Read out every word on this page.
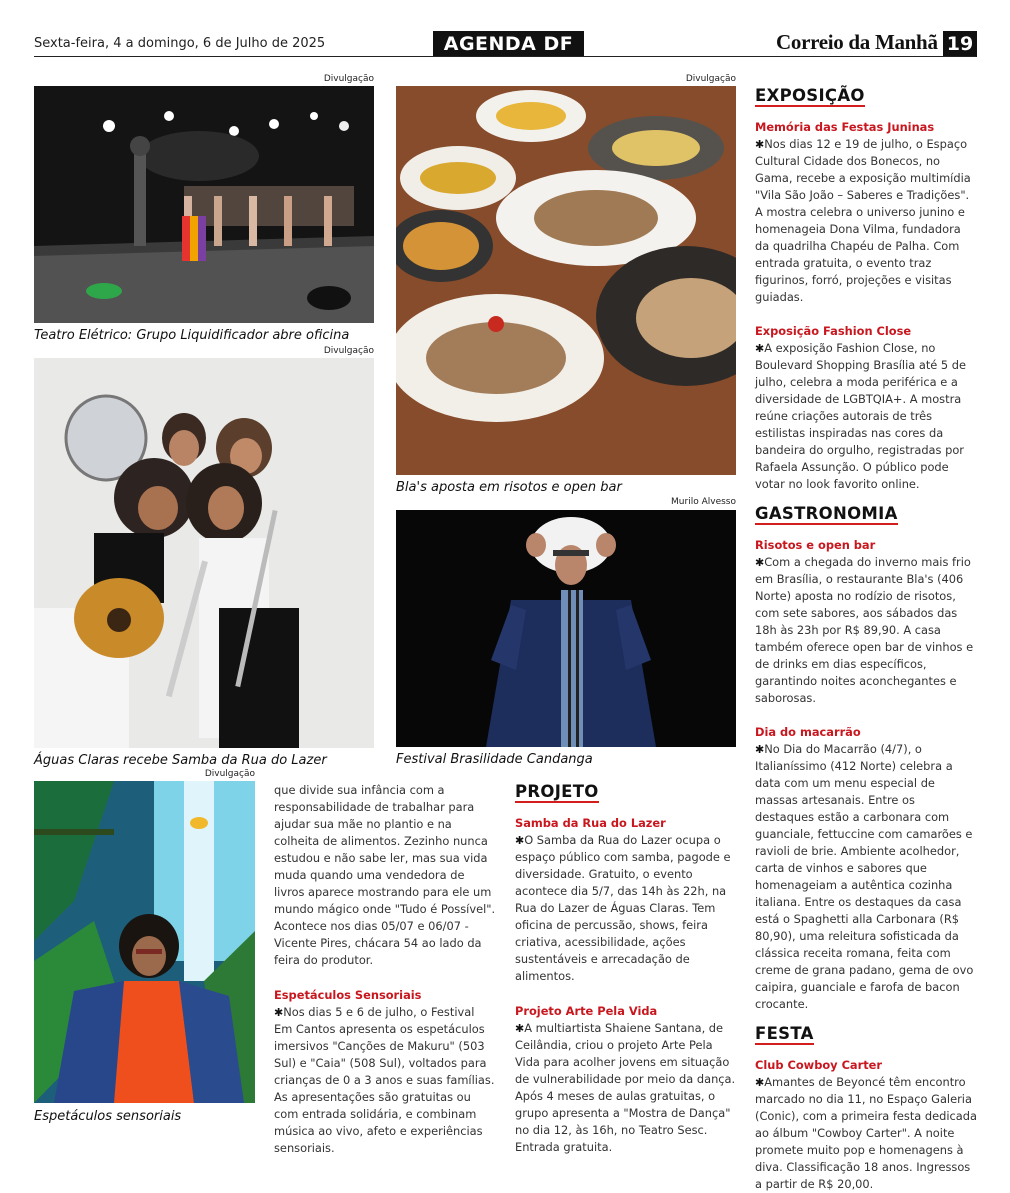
Sexta-feira, 4 a domingo, 6 de Julho de 2025	AGENDA DF	Correio da Manhã 19
Divulgação
Teatro Elétrico: Grupo Liquidificador abre oficina
Divulgação
Águas Claras recebe Samba da Rua do Lazer
Divulgação
Bla's aposta em risotos e open bar
Murilo Alvesso
Festival Brasilidade Candanga
Divulgação
Espetáculos sensoriais

que divide sua infância com a responsabilidade de trabalhar para ajudar sua mãe no plantio e na colheita de alimentos. Zezinho nunca estudou e não sabe ler, mas sua vida muda quando uma vendedora de livros aparece mostrando para ele um mundo mágico onde "Tudo é Possível". Acontece nos dias 05/07 e 06/07 - Vicente Pires, chácara 54 ao lado da feira do produtor.

Espetáculos Sensoriais

✱Nos dias 5 e 6 de julho, o Festival Em Cantos apresenta os espetáculos imersivos "Canções de Makuru" (503 Sul) e "Caia" (508 Sul), voltados para crianças de 0 a 3 anos e suas famílias. As apresentações são gratuitas ou com entrada solidária, e combinam música ao vivo, afeto e experiências sensoriais.

PROJETO

Samba da Rua do Lazer

✱O Samba da Rua do Lazer ocupa o espaço público com samba, pagode e diversidade. Gratuito, o evento acontece dia 5/7, das 14h às 22h, na Rua do Lazer de Águas Claras. Tem oficina de percussão, shows, feira criativa, acessibilidade, ações sustentáveis e arrecadação de alimentos.

Projeto Arte Pela Vida

✱A multiartista Shaiene Santana, de Ceilândia, criou o projeto Arte Pela Vida para acolher jovens em situação de vulnerabilidade por meio da dança. Após 4 meses de aulas gratuitas, o grupo apresenta a "Mostra de Dança" no dia 12, às 16h, no Teatro Sesc. Entrada gratuita.

EXPOSIÇÃO

Memória das Festas Juninas

✱Nos dias 12 e 19 de julho, o Espaço Cultural Cidade dos Bonecos, no Gama, recebe a exposição multimídia "Vila São João – Saberes e Tradições". A mostra celebra o universo junino e homenageia Dona Vilma, fundadora da quadrilha Chapéu de Palha. Com entrada gratuita, o evento traz figurinos, forró, projeções e visitas guiadas.

Exposição Fashion Close

✱A exposição Fashion Close, no Boulevard Shopping Brasília até 5 de julho, celebra a moda periférica e a diversidade de LGBTQIA+. A mostra reúne criações autorais de três estilistas inspiradas nas cores da bandeira do orgulho, registradas por Rafaela Assunção. O público pode votar no look favorito online.

GASTRONOMIA

Risotos e open bar

✱Com a chegada do inverno mais frio em Brasília, o restaurante Bla's (406 Norte) aposta no rodízio de risotos, com sete sabores, aos sábados das 18h às 23h por R$ 89,90. A casa também oferece open bar de vinhos e de drinks em dias específicos, garantindo noites aconchegantes e saborosas.

Dia do macarrão

✱No Dia do Macarrão (4/7), o Italianíssimo (412 Norte) celebra a data com um menu especial de massas artesanais. Entre os destaques estão a carbonara com guanciale, fettuccine com camarões e ravioli de brie. Ambiente acolhedor, carta de vinhos e sabores que homenageiam a autêntica cozinha italiana. Entre os destaques da casa está o Spaghetti alla Carbonara (R$ 80,90), uma releitura sofisticada da clássica receita romana, feita com creme de grana padano, gema de ovo caipira, guanciale e farofa de bacon crocante.

FESTA

Club Cowboy Carter

✱Amantes de Beyoncé têm encontro marcado no dia 11, no Espaço Galeria (Conic), com a primeira festa dedicada ao álbum "Cowboy Carter". A noite promete muito pop e homenagens à diva. Classificação 18 anos. Ingressos a partir de R$ 20,00.
